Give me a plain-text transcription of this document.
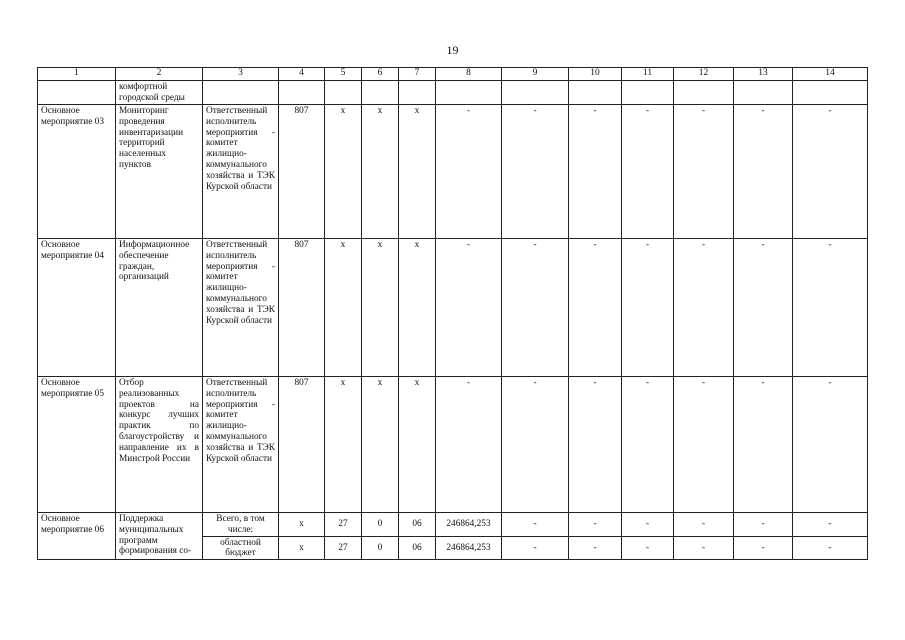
19
1	2	3	4	5	6	7	8	9	10	11	12	13	14
	комфортной городской среды												
Основное мероприятие 03	Мониторинг проведения инвентаризации территорий населенных пунктов	Ответственный исполнитель мероприятия - комитет жилищно-коммунального хозяйства и ТЭК Курской области	807	x	x	x	-	-	-	-	-	-	-
Основное мероприятие 04	Информационное обеспечение граждан, организаций	Ответственный исполнитель мероприятия - комитет жилищно-коммунального хозяйства и ТЭК Курской области	807	x	x	x	-	-	-	-	-	-	-
Основное мероприятие 05	Отбор реализованных проектов на конкурс лучших практик по благоустройству и направление их в Минстрой России	Ответственный исполнитель мероприятия - комитет жилищно-коммунального хозяйства и ТЭК Курской области	807	x	x	x	-	-	-	-	-	-	-
Основное мероприятие 06	Поддержка муниципальных программ формирования со-	Всего, в том числе:	x	27	0	06	246864,253	-	-	-	-	-	-
		областной бюджет	x	27	0	06	246864,253	-	-	-	-	-	-
